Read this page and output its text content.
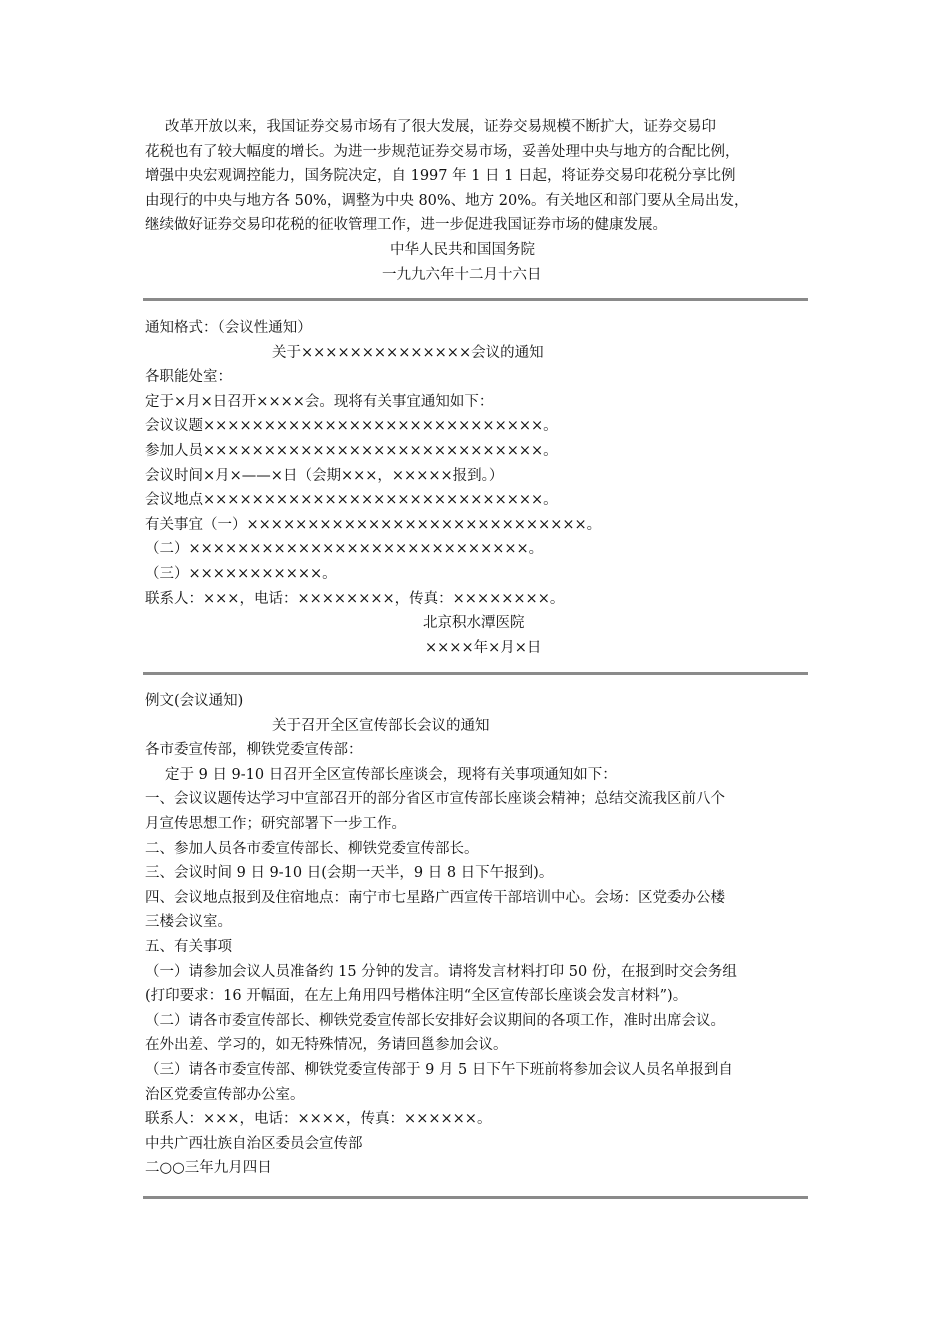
改革开放以来，我国证券交易市场有了很大发展，证券交易规模不断扩大，证券交易印

花税也有了较大幅度的增长。为进一步规范证券交易市场，妥善处理中央与地方的合配比例，

增强中央宏观调控能力，国务院决定，自 1997 年 1 日 1 日起，将证券交易印花税分享比例

由现行的中央与地方各 50%，调整为中央 80%、地方 20%。有关地区和部门要从全局出发，

继续做好证券交易印花税的征收管理工作，进一步促进我国证券市场的健康发展。

中华人民共和国国务院

一九九六年十二月十六日

通知格式：（会议性通知）

关于××××××××××××××会议的通知

各职能处室：

定于×月×日召开××××会。现将有关事宜通知如下：

会议议题××××××××××××××××××××××××××××。

参加人员××××××××××××××××××××××××××××。

会议时间×月×——×日（会期×××，×××××报到。）

会议地点××××××××××××××××××××××××××××。

有关事宜（一）××××××××××××××××××××××××××××。

（二）××××××××××××××××××××××××××××。

（三）×××××××××××。

联系人：×××，电话：××××××××，传真：××××××××。

北京积水潭医院

××××年×月×日

例文(会议通知)

关于召开全区宣传部长会议的通知

各市委宣传部，柳铁党委宣传部：

定于 9 日 9-10 日召开全区宣传部长座谈会，现将有关事项通知如下：

一、会议议题传达学习中宣部召开的部分省区市宣传部长座谈会精神；总结交流我区前八个

月宣传思想工作；研究部署下一步工作。

二、参加人员各市委宣传部长、柳铁党委宣传部长。

三、会议时间 9 日 9-10 日(会期一天半，9 日 8 日下午报到)。

四、会议地点报到及住宿地点：南宁市七星路广西宣传干部培训中心。会场：区党委办公楼

三楼会议室。

五、有关事项

（一）请参加会议人员准备约 15 分钟的发言。请将发言材料打印 50 份，在报到时交会务组

(打印要求：16 开幅面，在左上角用四号楷体注明“全区宣传部长座谈会发言材料”)。

（二）请各市委宣传部长、柳铁党委宣传部长安排好会议期间的各项工作，准时出席会议。

在外出差、学习的，如无特殊情况，务请回邕参加会议。

（三）请各市委宣传部、柳铁党委宣传部于 9 月 5 日下午下班前将参加会议人员名单报到自

治区党委宣传部办公室。

联系人：×××，电话：××××，传真：××××××。

中共广西壮族自治区委员会宣传部

二○○三年九月四日
